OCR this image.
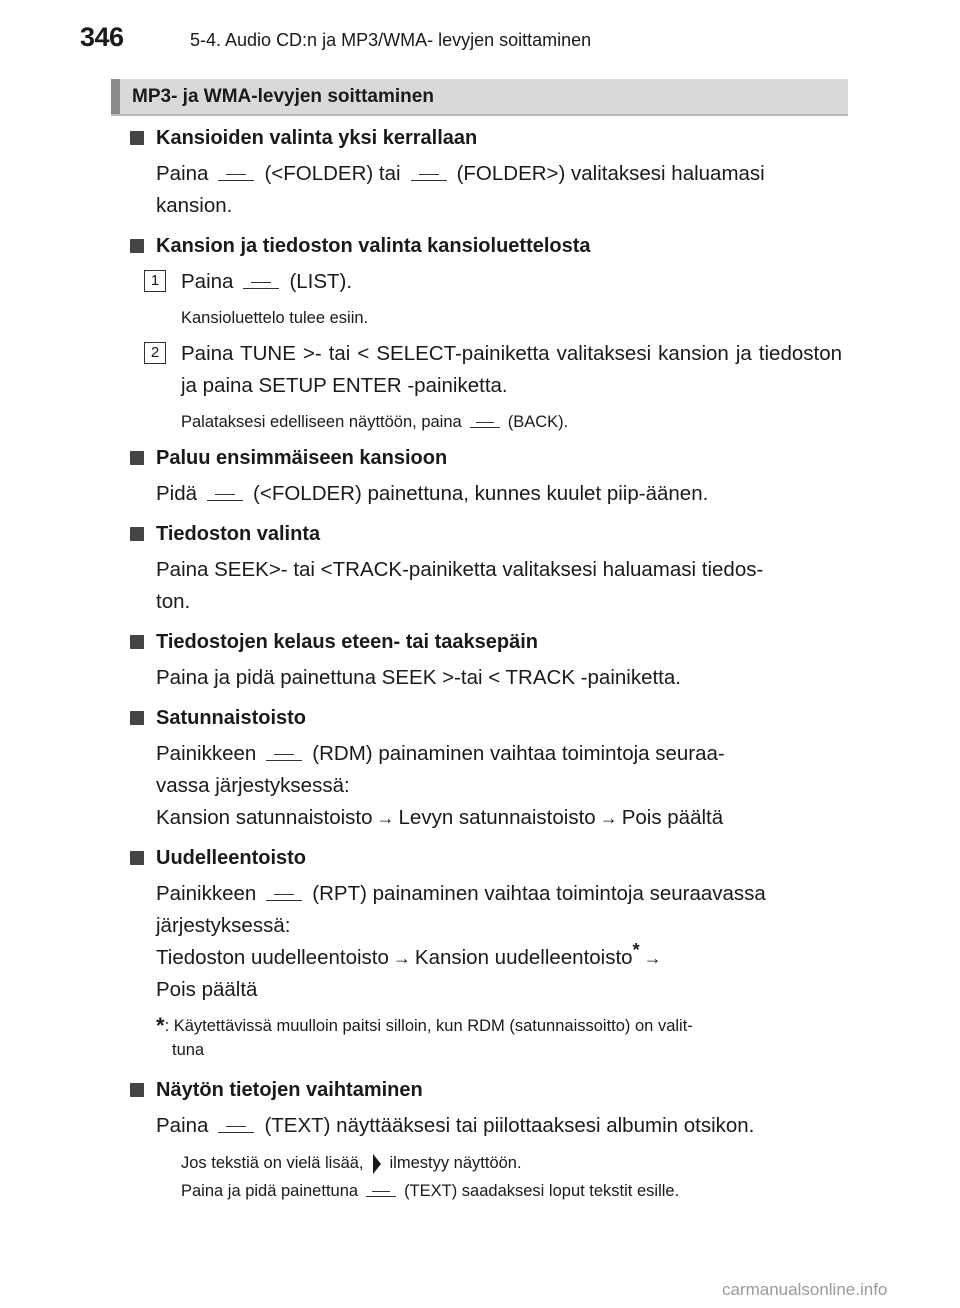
346	5-4. Audio CD:n ja MP3/WMA- levyjen soittaminen
MP3- ja WMA-levyjen soittaminen
Kansioiden valinta yksi kerrallaan
Paina	(<FOLDER) tai	(FOLDER>) valitaksesi haluamasi
kansion.
Kansion ja tiedoston valinta kansioluettelosta
1	Paina	(LIST).
Kansioluettelo tulee esiin.
2	Paina TUNE >- tai < SELECT-painiketta valitaksesi kansion ja tiedoston ja paina SETUP ENTER -painiketta.
Palataksesi edelliseen näyttöön, paina	(BACK).
Paluu ensimmäiseen kansioon
Pidä	(<FOLDER) painettuna, kunnes kuulet piip-äänen.
Tiedoston valinta
Paina SEEK>- tai <TRACK-painiketta valitaksesi haluamasi tiedos-
ton.
Tiedostojen kelaus eteen- tai taaksepäin
Paina ja pidä painettuna SEEK >-tai < TRACK -painiketta.
Satunnaistoisto
Painikkeen	(RDM) painaminen vaihtaa toimintoja seuraa-
vassa järjestyksessä:
Kansion satunnaistoisto → Levyn satunnaistoisto → Pois päältä
Uudelleentoisto
Painikkeen	(RPT) painaminen vaihtaa toimintoja seuraavassa
järjestyksessä:
Tiedoston uudelleentoisto → Kansion uudelleentoisto* →
Pois päältä
*: Käytettävissä muulloin paitsi silloin, kun RDM (satunnaissoitto) on valit-
tuna
Näytön tietojen vaihtaminen
Paina	(TEXT) näyttääksesi tai piilottaaksesi albumin otsikon.
Jos tekstiä on vielä lisää, ilmestyy näyttöön.
Paina ja pidä painettuna	(TEXT) saadaksesi loput tekstit esille.
carmanualsonline.info
